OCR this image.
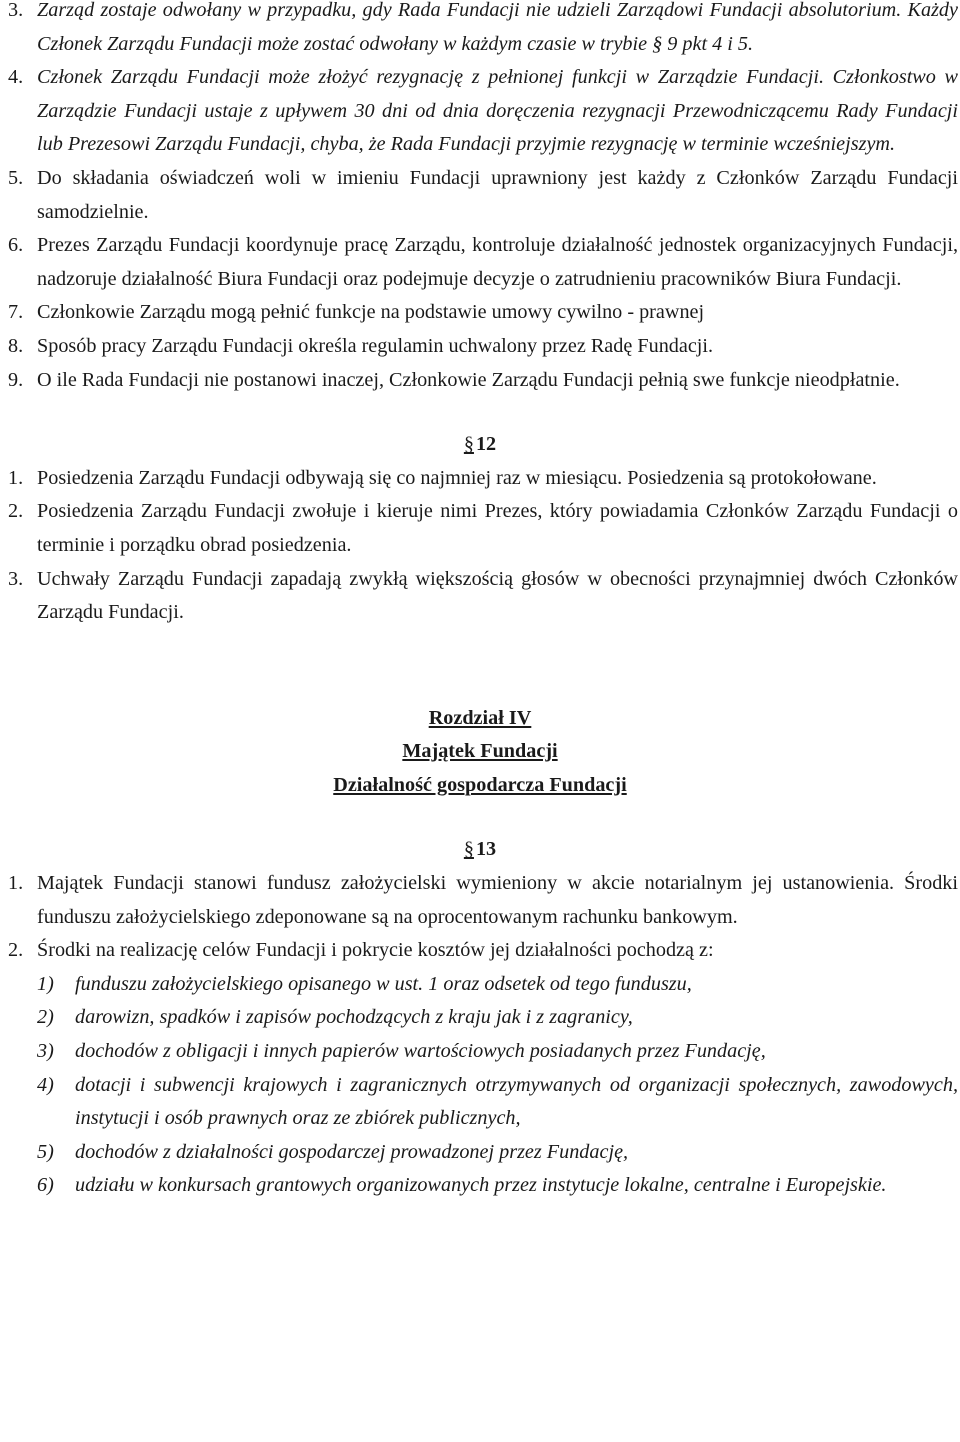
3. Zarząd zostaje odwołany w przypadku, gdy Rada Fundacji nie udzieli Zarządowi Fundacji absolutorium. Każdy Członek Zarządu Fundacji może zostać odwołany w każdym czasie w trybie § 9 pkt 4 i 5.
4. Członek Zarządu Fundacji może złożyć rezygnację z pełnionej funkcji w Zarządzie Fundacji. Członkostwo w Zarządzie Fundacji ustaje z upływem 30 dni od dnia doręczenia rezygnacji Przewodniczącemu Rady Fundacji lub Prezesowi Zarządu Fundacji, chyba, że Rada Fundacji przyjmie rezygnację w terminie wcześniejszym.
5. Do składania oświadczeń woli w imieniu Fundacji uprawniony jest każdy z Członków Zarządu Fundacji samodzielnie.
6. Prezes Zarządu Fundacji koordynuje pracę Zarządu, kontroluje działalność jednostek organizacyjnych Fundacji, nadzoruje działalność Biura Fundacji oraz podejmuje decyzje o zatrudnieniu pracowników Biura Fundacji.
7. Członkowie Zarządu mogą pełnić funkcje na podstawie umowy cywilno - prawnej
8. Sposób pracy Zarządu Fundacji określa regulamin uchwalony przez Radę Fundacji.
9. O ile Rada Fundacji nie postanowi inaczej, Członkowie Zarządu Fundacji pełnią swe funkcje nieodpłatnie.
§12
1. Posiedzenia Zarządu Fundacji odbywają się co najmniej raz w miesiącu. Posiedzenia są protokołowane.
2. Posiedzenia Zarządu Fundacji zwołuje i kieruje nimi Prezes, który powiadamia Członków Zarządu Fundacji o terminie i porządku obrad posiedzenia.
3. Uchwały Zarządu Fundacji zapadają zwykłą większością głosów w obecności przynajmniej dwóch Członków Zarządu Fundacji.
Rozdział IV
Majątek Fundacji
Działalność gospodarcza Fundacji
§13
1. Majątek Fundacji stanowi fundusz założycielski wymieniony w akcie notarialnym jej ustanowienia. Środki funduszu założycielskiego zdeponowane są na oprocentowanym rachunku bankowym.
2. Środki na realizację celów Fundacji i pokrycie kosztów jej działalności pochodzą z:
1) funduszu założycielskiego opisanego w ust. 1 oraz odsetek od tego funduszu,
2) darowizn, spadków i zapisów pochodzących z kraju jak i z zagranicy,
3) dochodów z obligacji i innych papierów wartościowych posiadanych przez Fundację,
4) dotacji i subwencji krajowych i zagranicznych otrzymywanych od organizacji społecznych, zawodowych, instytucji i osób prawnych oraz ze zbiórek publicznych,
5) dochodów z działalności gospodarczej prowadzonej przez Fundację,
6) udziału w konkursach grantowych organizowanych przez instytucje lokalne, centralne i Europejskie.
